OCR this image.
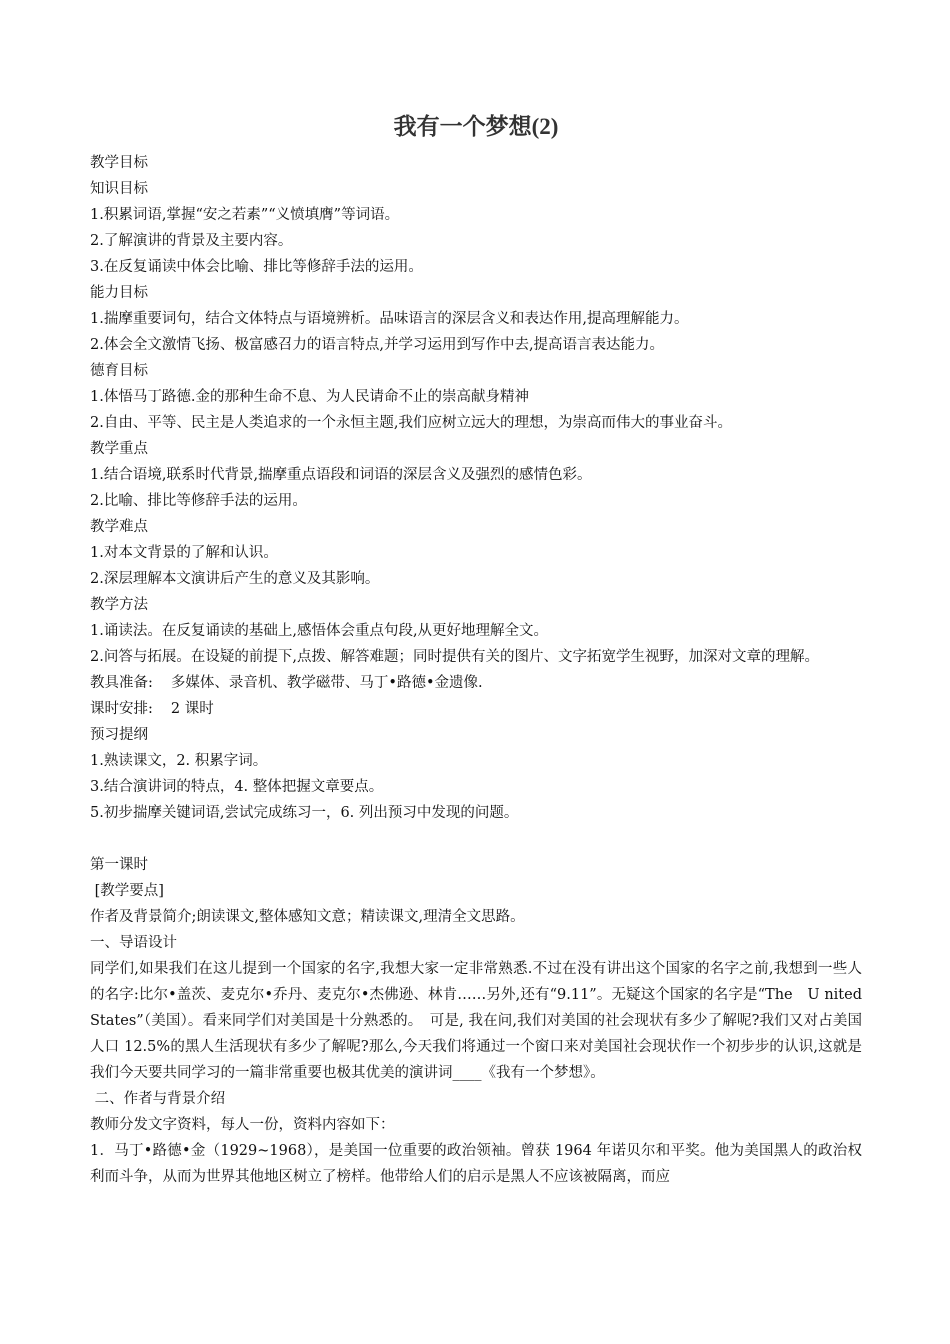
我有一个梦想(2)
教学目标
知识目标
1.积累词语,掌握“安之若素”“义愤填膺”等词语。
2.了解演讲的背景及主要内容。
3.在反复诵读中体会比喻、排比等修辞手法的运用。
能力目标
1.揣摩重要词句，结合文体特点与语境辨析。品味语言的深层含义和表达作用,提高理解能力。
2.体会全文激情飞扬、极富感召力的语言特点,并学习运用到写作中去,提高语言表达能力。
德育目标
1.体悟马丁路德.金的那种生命不息、为人民请命不止的崇高献身精神
2.自由、平等、民主是人类追求的一个永恒主题,我们应树立远大的理想，为崇高而伟大的事业奋斗。
教学重点
1.结合语境,联系时代背景,揣摩重点语段和词语的深层含义及强烈的感情色彩。
2.比喻、排比等修辞手法的运用。
教学难点
1.对本文背景的了解和认识。
2.深层理解本文演讲后产生的意义及其影响。
教学方法
1.诵读法。在反复诵读的基础上,感悟体会重点句段,从更好地理解全文。
2.问答与拓展。在设疑的前提下,点拨、解答难题；同时提供有关的图片、文字拓宽学生视野，加深对文章的理解。
教具准备: 多媒体、录音机、教学磁带、马丁•路德•金遗像.
课时安排: 2 课时
预习提纲
1.熟读课文，2. 积累字词。
3.结合演讲词的特点，4. 整体把握文章要点。
5.初步揣摩关键词语,尝试完成练习一，6. 列出预习中发现的问题。
第一课时
[教学要点]
作者及背景简介;朗读课文,整体感知文意；精读课文,理清全文思路。
一、导语设计
同学们,如果我们在这儿提到一个国家的名字,我想大家一定非常熟悉.不过在没有讲出这个国家的名字之前,我想到一些人的名字:比尔•盖茨、麦克尔•乔丹、麦克尔•杰佛逊、林肯……另外,还有“9.11”。无疑这个国家的名字是“The　U nited States”（美国）。看来同学们对美国是十分熟悉的。　可是, 我在问,我们对美国的社会现状有多少了解呢?我们又对占美国人口 12.5%的黑人生活现状有多少了解呢?那么,今天我们将通过一个窗口来对美国社会现状作一个初步步的认识,这就是我们今天要共同学习的一篇非常重要也极其优美的演讲词____《我有一个梦想》。
二、作者与背景介绍
教师分发文字资料，每人一份，资料内容如下：
1．马丁•路德•金（1929~1968），是美国一位重要的政治领袖。曾获 1964 年诺贝尔和平奖。他为美国黑人的政治权利而斗争，从而为世界其他地区树立了榜样。他带给人们的启示是黑人不应该被隔离，而应
